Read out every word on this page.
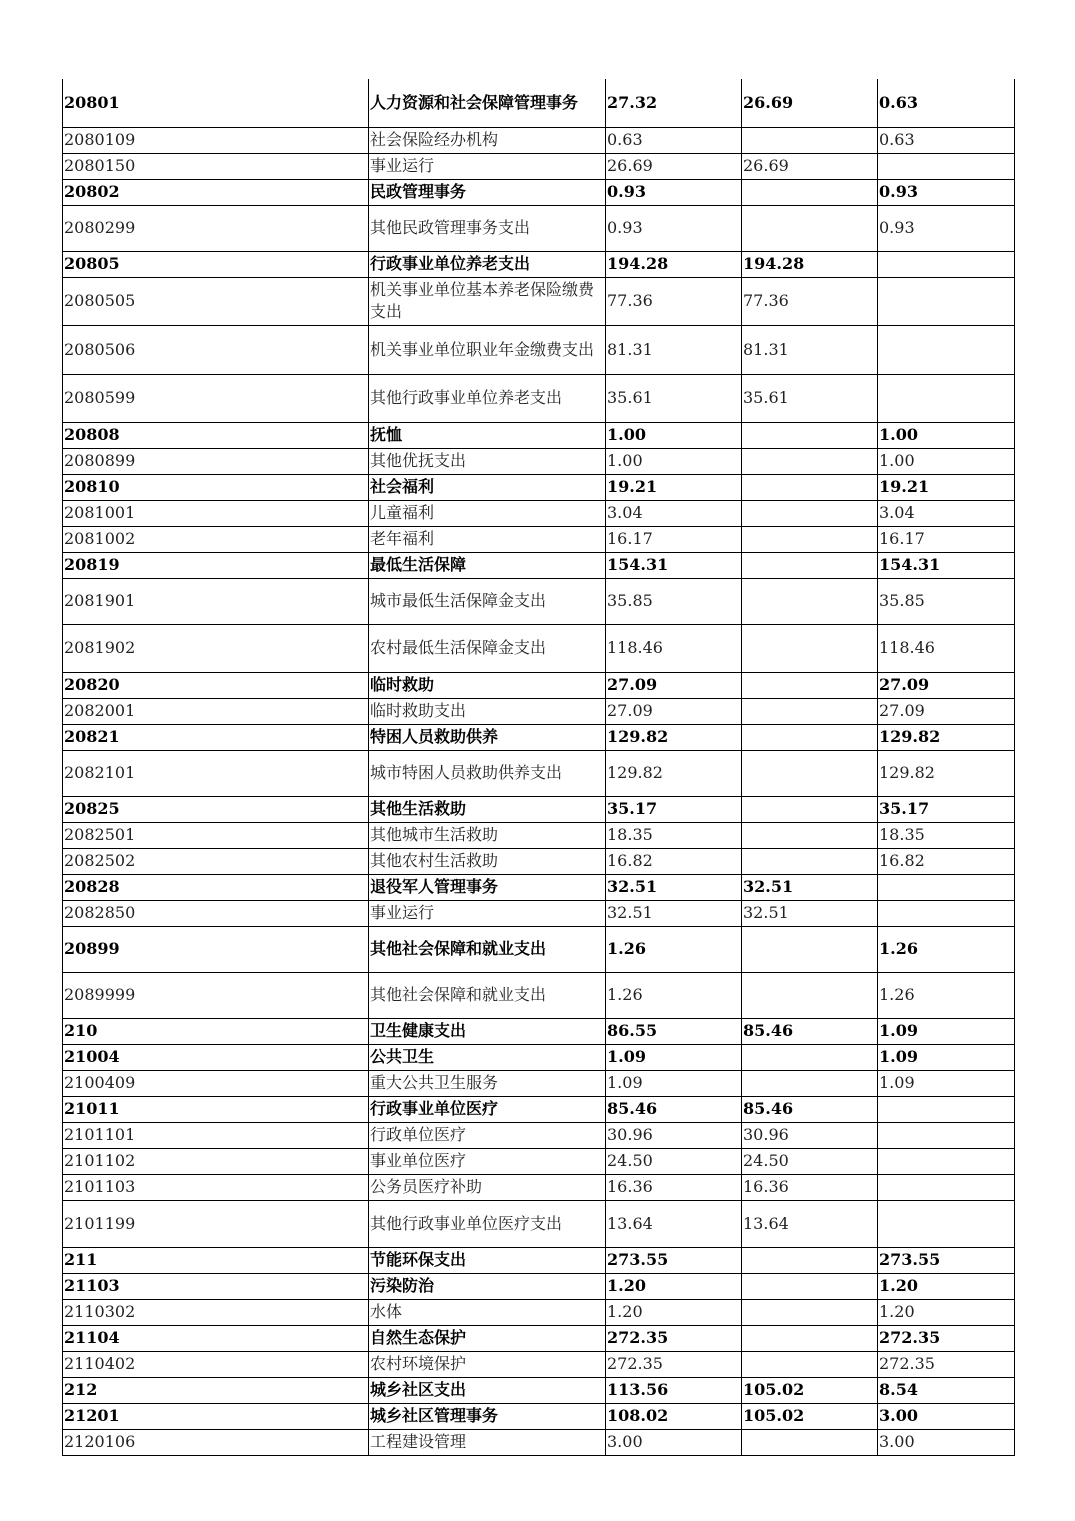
20801	人力资源和社会保障管理事务	27.32	26.69	0.63
2080109	社会保险经办机构	0.63		0.63
2080150	事业运行	26.69	26.69	
20802	民政管理事务	0.93		0.93
2080299	其他民政管理事务支出	0.93		0.93
20805	行政事业单位养老支出	194.28	194.28	
2080505	机关事业单位基本养老保险缴费支出	77.36	77.36	
2080506	机关事业单位职业年金缴费支出	81.31	81.31	
2080599	其他行政事业单位养老支出	35.61	35.61	
20808	抚恤	1.00		1.00
2080899	其他优抚支出	1.00		1.00
20810	社会福利	19.21		19.21
2081001	儿童福利	3.04		3.04
2081002	老年福利	16.17		16.17
20819	最低生活保障	154.31		154.31
2081901	城市最低生活保障金支出	35.85		35.85
2081902	农村最低生活保障金支出	118.46		118.46
20820	临时救助	27.09		27.09
2082001	临时救助支出	27.09		27.09
20821	特困人员救助供养	129.82		129.82
2082101	城市特困人员救助供养支出	129.82		129.82
20825	其他生活救助	35.17		35.17
2082501	其他城市生活救助	18.35		18.35
2082502	其他农村生活救助	16.82		16.82
20828	退役军人管理事务	32.51	32.51	
2082850	事业运行	32.51	32.51	
20899	其他社会保障和就业支出	1.26		1.26
2089999	其他社会保障和就业支出	1.26		1.26
210	卫生健康支出	86.55	85.46	1.09
21004	公共卫生	1.09		1.09
2100409	重大公共卫生服务	1.09		1.09
21011	行政事业单位医疗	85.46	85.46	
2101101	行政单位医疗	30.96	30.96	
2101102	事业单位医疗	24.50	24.50	
2101103	公务员医疗补助	16.36	16.36	
2101199	其他行政事业单位医疗支出	13.64	13.64	
211	节能环保支出	273.55		273.55
21103	污染防治	1.20		1.20
2110302	水体	1.20		1.20
21104	自然生态保护	272.35		272.35
2110402	农村环境保护	272.35		272.35
212	城乡社区支出	113.56	105.02	8.54
21201	城乡社区管理事务	108.02	105.02	3.00
2120106	工程建设管理	3.00		3.00
